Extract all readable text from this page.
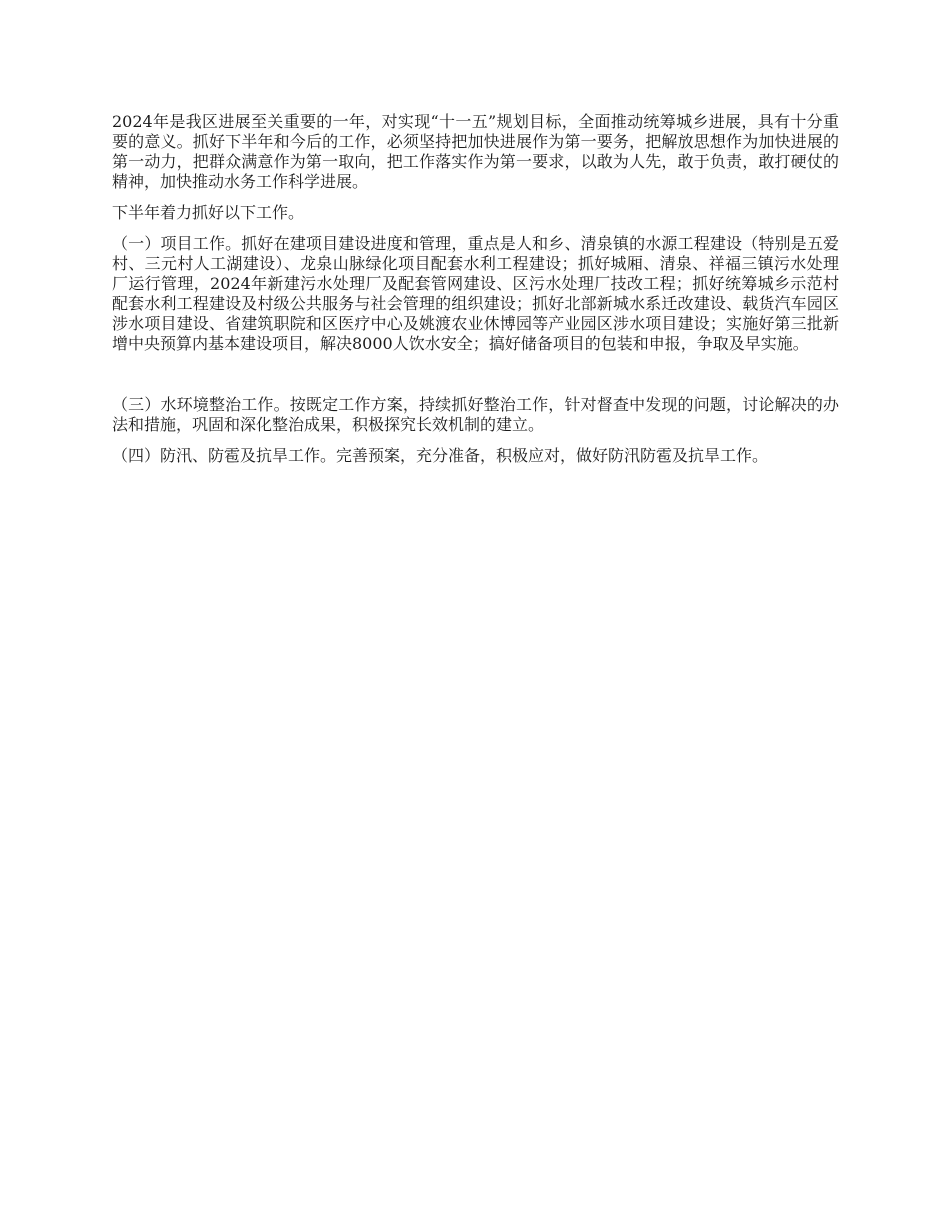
2024年是我区进展至关重要的一年，对实现“十一五”规划目标，全面推动统筹城乡进展，具有十分重要的意义。抓好下半年和今后的工作，必须坚持把加快进展作为第一要务，把解放思想作为加快进展的第一动力，把群众满意作为第一取向，把工作落实作为第一要求，以敢为人先，敢于负责，敢打硬仗的精神，加快推动水务工作科学进展。

下半年着力抓好以下工作。

（一）项目工作。抓好在建项目建设进度和管理，重点是人和乡、清泉镇的水源工程建设（特别是五爱村、三元村人工湖建设）、龙泉山脉绿化项目配套水利工程建设；抓好城厢、清泉、祥福三镇污水处理厂运行管理，2024年新建污水处理厂及配套管网建设、区污水处理厂技改工程；抓好统筹城乡示范村配套水利工程建设及村级公共服务与社会管理的组织建设；抓好北部新城水系迁改建设、载货汽车园区涉水项目建设、省建筑职院和区医疗中心及姚渡农业休博园等产业园区涉水项目建设；实施好第三批新增中央预算内基本建设项目，解决8000人饮水安全；搞好储备项目的包装和申报，争取及早实施。

（三）水环境整治工作。按既定工作方案，持续抓好整治工作，针对督查中发现的问题，讨论解决的办法和措施，巩固和深化整治成果，积极探究长效机制的建立。

（四）防汛、防雹及抗旱工作。完善预案，充分准备，积极应对，做好防汛防雹及抗旱工作。
